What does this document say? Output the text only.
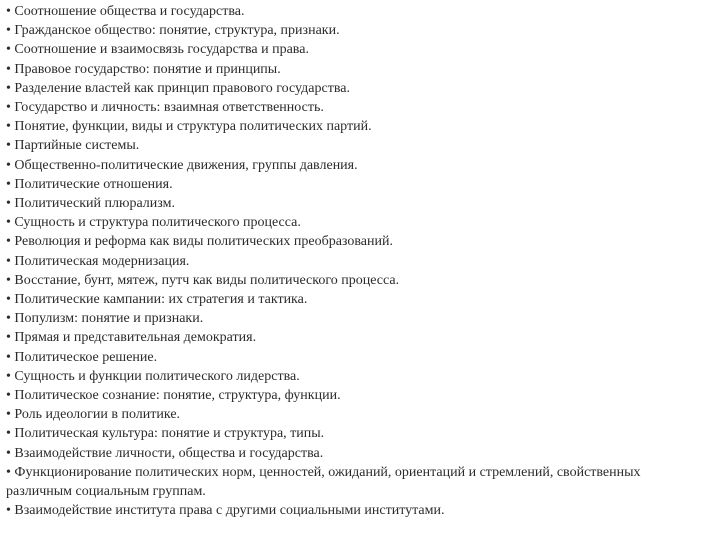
• Соотношение общества и государства.

• Гражданское общество: понятие, структура, признаки.

• Соотношение и взаимосвязь государства и права.

• Правовое государство: понятие и принципы.

• Разделение властей как принцип правового государства.

• Государство и личность: взаимная ответственность.

• Понятие, функции, виды и структура политических партий.

• Партийные системы.

• Общественно-политические движения, группы давления.

• Политические отношения.

• Политический плюрализм.

• Сущность и структура политического процесса.

• Революция и реформа как виды политических преобразований.

• Политическая модернизация.

• Восстание, бунт, мятеж, путч как виды политического процесса.

• Политические кампании: их стратегия и тактика.

• Популизм: понятие и признаки.

• Прямая и представительная демократия.

• Политическое решение.

• Сущность и функции политического лидерства.

• Политическое сознание: понятие, структура, функции.

• Роль идеологии в политике.

• Политическая культура: понятие и структура, типы.

• Взаимодействие личности, общества и государства.

• Функционирование политических норм, ценностей, ожиданий, ориентаций и стремлений, свойственных различным социальным группам.

• Взаимодействие института права с другими социальными институтами.
